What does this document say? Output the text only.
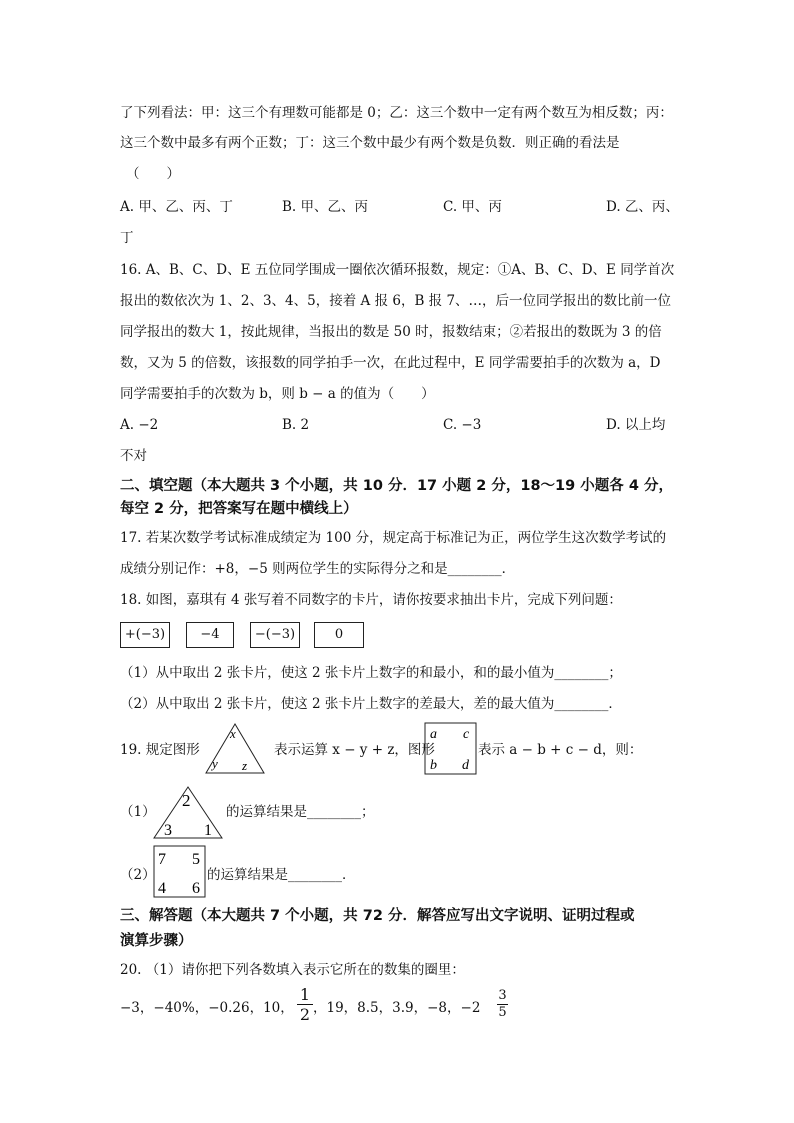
了下列看法：甲：这三个有理数可能都是 0；乙：这三个数中一定有两个数互为相反数；丙：
这三个数中最多有两个正数；丁：这三个数中最少有两个数是负数．则正确的看法是
（　　）
A. 甲、乙、丙、丁	B. 甲、乙、丙	C. 甲、丙	D. 乙、丙、
丁
16. A、B、C、D、E 五位同学围成一圈依次循环报数，规定：①A、B、C、D、E 同学首次
报出的数依次为 1、2、3、4、5，接着 A 报 6，B 报 7、…，后一位同学报出的数比前一位
同学报出的数大 1，按此规律，当报出的数是 50 时，报数结束；②若报出的数既为 3 的倍
数，又为 5 的倍数，该报数的同学拍手一次，在此过程中，E 同学需要拍手的次数为 a，D
同学需要拍手的次数为 b，则 b − a 的值为（　　）
A. −2	B. 2	C. −3	D. 以上均
不对
二、填空题（本大题共 3 个小题，共 10 分．17 小题 2 分，18～19 小题各 4 分，
每空 2 分，把答案写在题中横线上）
17. 若某次数学考试标准成绩定为 100 分，规定高于标准记为正，两位学生这次数学考试的
成绩分别记作：+8，−5 则两位学生的实际得分之和是________．
18. 如图，嘉琪有 4 张写着不同数字的卡片，请你按要求抽出卡片，完成下列问题：
+(−3)	−4	−(−3)	0
（1）从中取出 2 张卡片，使这 2 张卡片上数字的和最小，和的最小值为________；
（2）从中取出 2 张卡片，使这 2 张卡片上数字的差最大，差的最大值为________．
19. 规定图形
x
y z
表示运算 x − y + z，图形
a c
b d
表示 a − b + c − d，则：
（1）
2
3 1
的运算结果是________；
（2）
7 5
4 6
的运算结果是________．
三、解答题（本大题共 7 个小题，共 72 分．解答应写出文字说明、证明过程或
演算步骤）
20. （1）请你把下列各数填入表示它所在的数集的圈里：
−3，−40%，−0.26，10， $\frac{1}{2}$ ，19，8.5，3.9，−8，$-2 \frac{3}{5}$
